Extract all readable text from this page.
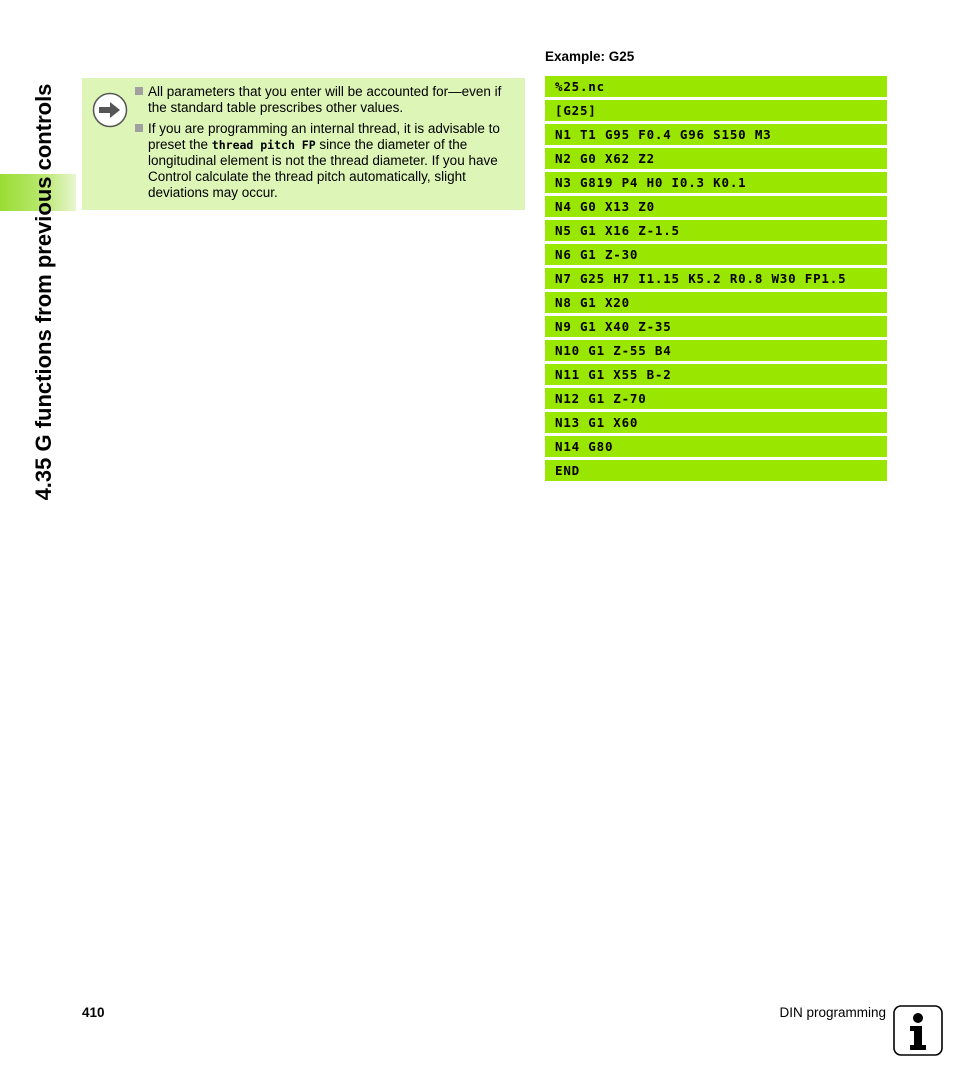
4.35 G functions from previous controls	All parameters that you enter will be accounted for—even if the standard table prescribes other values.
If you are programming an internal thread, it is advisable to preset the thread pitch FP since the diameter of the longitudinal element is not the thread diameter. If you have Control calculate the thread pitch automatically, slight deviations may occur.
Example: G25
%25.nc
[G25]
N1 T1 G95 F0.4 G96 S150 M3
N2 G0 X62 Z2
N3 G819 P4 H0 I0.3 K0.1
N4 G0 X13 Z0
N5 G1 X16 Z-1.5
N6 G1 Z-30
N7 G25 H7 I1.15 K5.2 R0.8 W30 FP1.5
N8 G1 X20
N9 G1 X40 Z-35
N10 G1 Z-55 B4
N11 G1 X55 B-2
N12 G1 Z-70
N13 G1 X60
N14 G80
END
410	DIN programming
